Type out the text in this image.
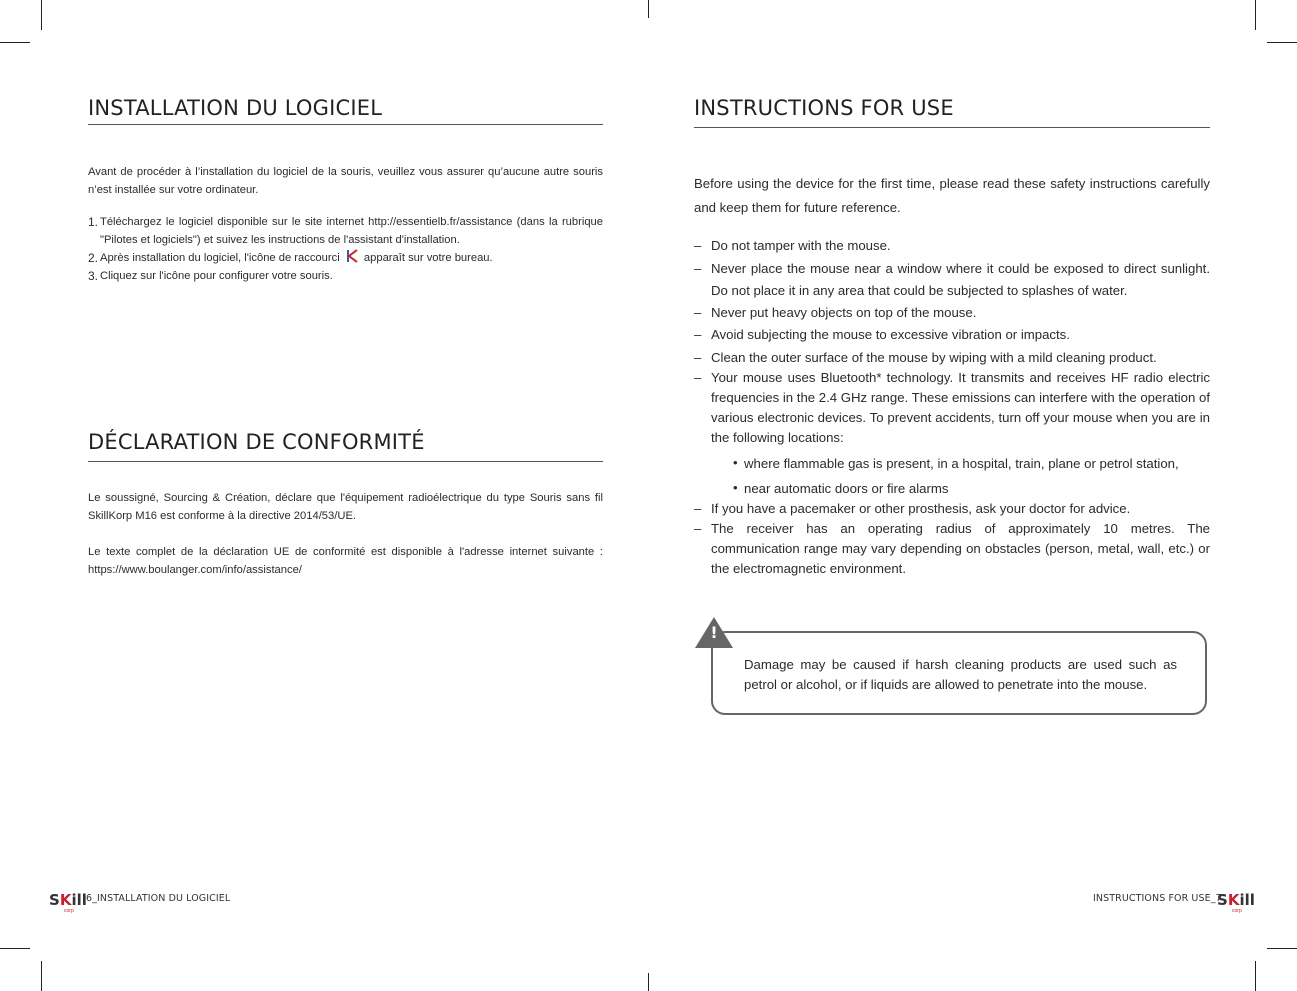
INSTALLATION DU LOGICIEL

Avant de procéder à l’installation du logiciel de la souris, veuillez vous assurer qu’aucune autre souris n’est installée sur votre ordinateur.

1. Téléchargez le logiciel disponible sur le site internet http://essentielb.fr/assistance (dans la rubrique "Pilotes et logiciels") et suivez les instructions de l'assistant d'installation.
2. Après installation du logiciel, l'icône de raccourci apparaît sur votre bureau.
3. Cliquez sur l'icône pour configurer votre souris.
DÉCLARATION DE CONFORMITÉ

Le soussigné, Sourcing & Création, déclare que l'équipement radioélectrique du type Souris sans fil SkillKorp M16 est conforme à la directive 2014/53/UE.

Le texte complet de la déclaration UE de conformité est disponible à l'adresse internet suivante : https://www.boulanger.com/info/assistance/

SKill
corp
6_INSTALLATION DU LOGICIEL
INSTRUCTIONS FOR USE

Before using the device for the first time, please read these safety instructions carefully and keep them for future reference.

– Do not tamper with the mouse.
– Never place the mouse near a window where it could be exposed to direct sunlight. Do not place it in any area that could be subjected to splashes of water.
– Never put heavy objects on top of the mouse.
– Avoid subjecting the mouse to excessive vibration or impacts.
– Clean the outer surface of the mouse by wiping with a mild cleaning product.
– Your mouse uses Bluetooth* technology. It transmits and receives HF radio electric frequencies in the 2.4 GHz range. These emissions can interfere with the operation of various electronic devices. To prevent accidents, turn off your mouse when you are in the following locations:
• where flammable gas is present, in a hospital, train, plane or petrol station,
• near automatic doors or fire alarms
– If you have a pacemaker or other prosthesis, ask your doctor for advice.
– The receiver has an operating radius of approximately 10 metres. The communication range may vary depending on obstacles (person, metal, wall, etc.) or the electromagnetic environment.

Damage may be caused if harsh cleaning products are used such as petrol or alcohol, or if liquids are allowed to penetrate into the mouse.

!
INSTRUCTIONS FOR USE_7
SKill
corp
